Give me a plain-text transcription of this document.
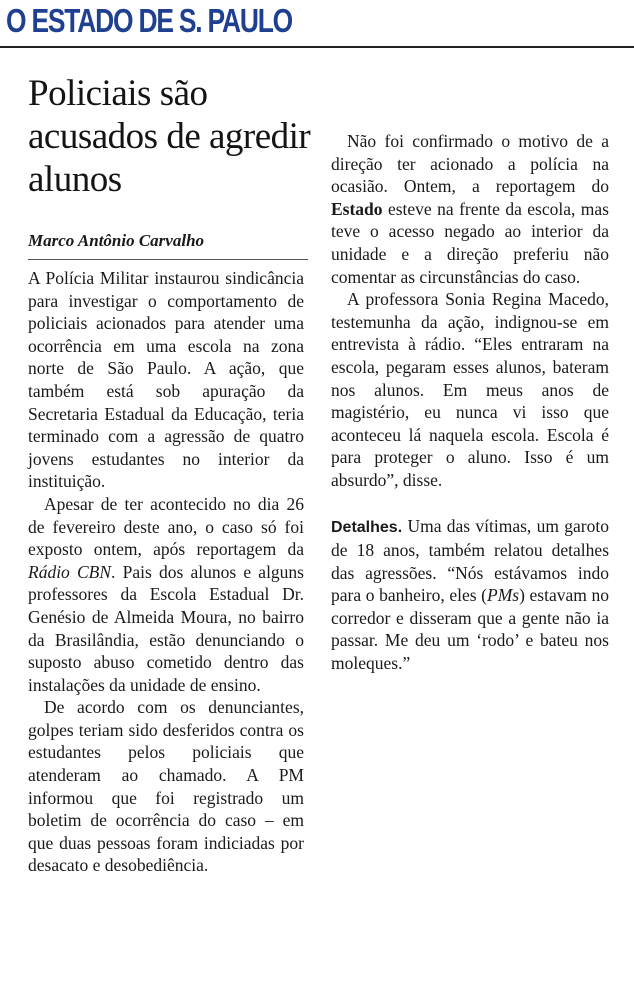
O ESTADO DE S. PAULO
Policiais são acusados de agredir alunos
Marco Antônio Carvalho

A Polícia Militar instaurou sindicância para investigar o comportamento de policiais acionados para atender uma ocorrência em uma escola na zona norte de São Paulo. A ação, que também está sob apuração da Secretaria Estadual da Educação, teria terminado com a agressão de quatro jovens estudantes no interior da instituição.

Apesar de ter acontecido no dia 26 de fevereiro deste ano, o caso só foi exposto ontem, após reportagem da Rádio CBN. Pais dos alunos e alguns professores da Escola Estadual Dr. Genésio de Almeida Moura, no bairro da Brasilândia, estão denunciando o suposto abuso cometido dentro das instalações da unidade de ensino.

De acordo com os denunciantes, golpes teriam sido desferidos contra os estudantes pelos policiais que atenderam ao chamado. A PM informou que foi registrado um boletim de ocorrência do caso – em que duas pessoas foram indiciadas por desacato e desobediência.

Não foi confirmado o motivo de a direção ter acionado a polícia na ocasião. Ontem, a reportagem do Estado esteve na frente da escola, mas teve o acesso negado ao interior da unidade e a direção preferiu não comentar as circunstâncias do caso.

A professora Sonia Regina Macedo, testemunha da ação, indignou-se em entrevista à rádio. “Eles entraram na escola, pegaram esses alunos, bateram nos alunos. Em meus anos de magistério, eu nunca vi isso que aconteceu lá naquela escola. Escola é para proteger o aluno. Isso é um absurdo”, disse.

Detalhes. Uma das vítimas, um garoto de 18 anos, também relatou detalhes das agressões. “Nós estávamos indo para o banheiro, eles (PMs) estavam no corredor e disseram que a gente não ia passar. Me deu um ‘rodo’ e bateu nos moleques.”
